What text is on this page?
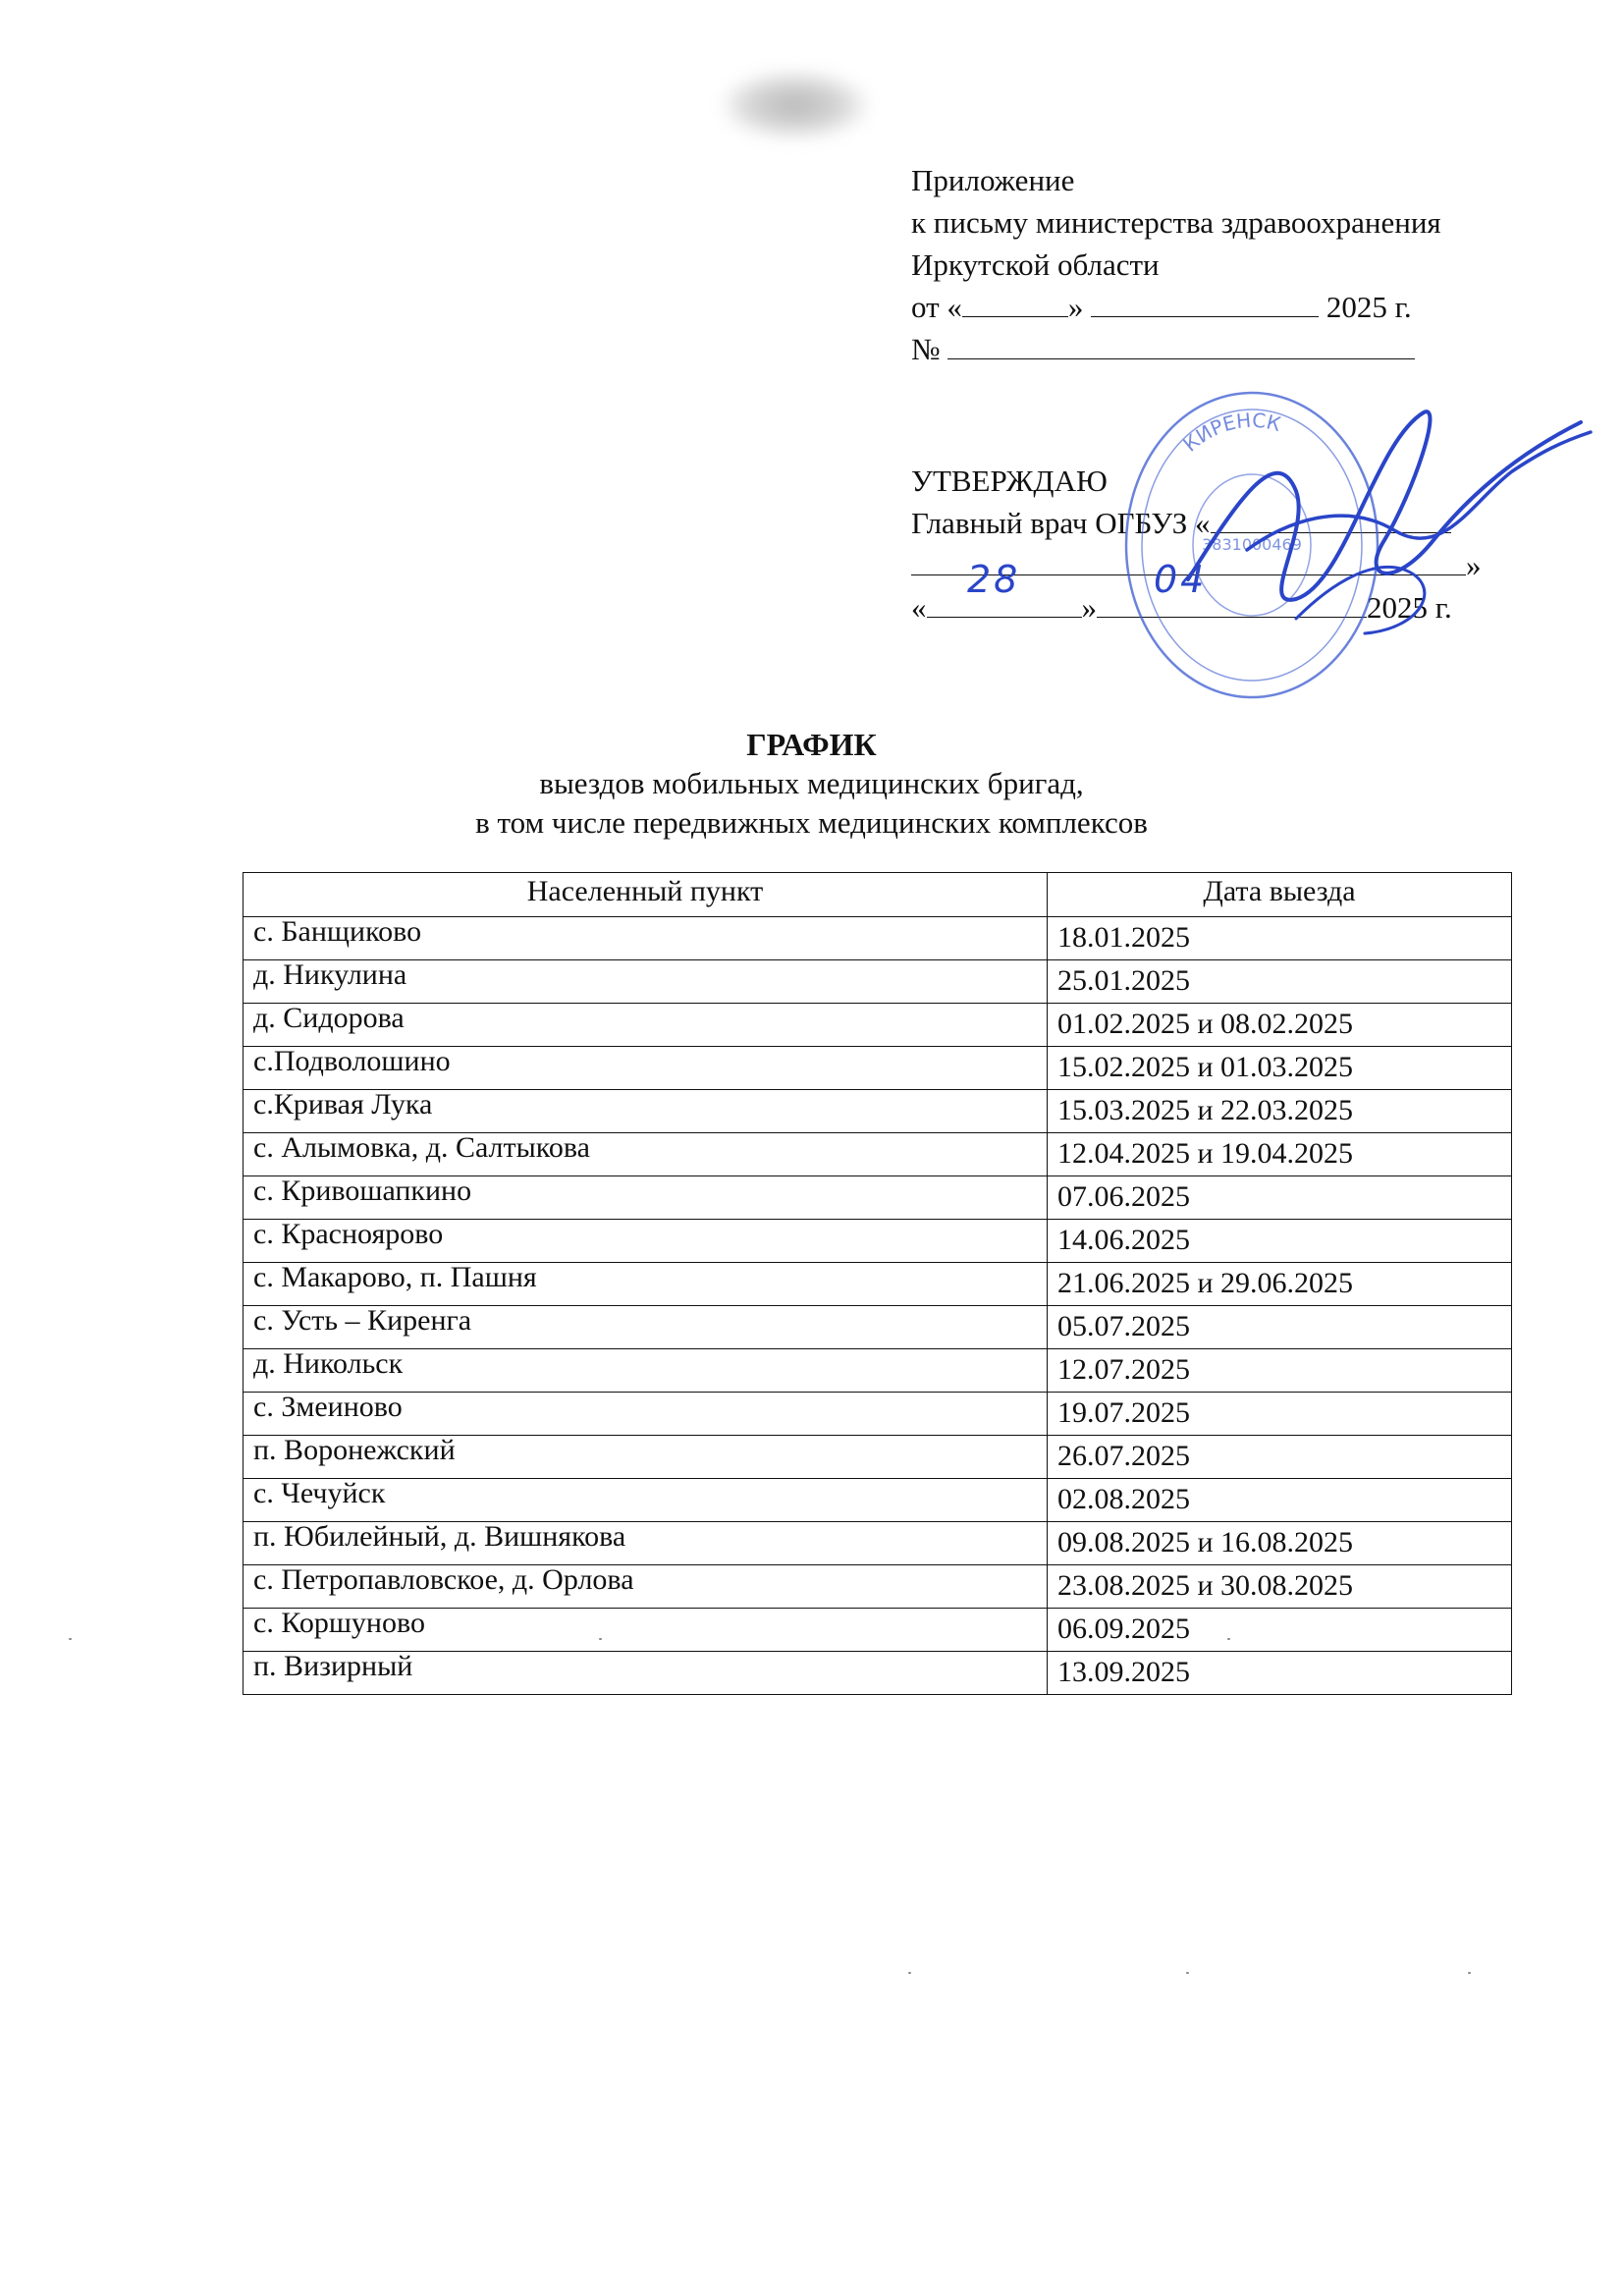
Приложение
к письму министерства здравоохранения
Иркутской области
от «	»	2025 г.
№
УТВЕРЖДАЮ
Главный врач ОГБУЗ «
»
«	»	2025 г.
28	04
КИРЕНСК
3831000469
ГРАФИК
выездов мобильных медицинских бригад,
в том числе передвижных медицинских комплексов
Населенный пункт	Дата выезда
с. Банщиково	18.01.2025
д. Никулина	25.01.2025
д. Сидорова	01.02.2025 и 08.02.2025
с.Подволошино	15.02.2025 и 01.03.2025
с.Кривая Лука	15.03.2025 и 22.03.2025
с. Алымовка, д. Салтыкова	12.04.2025 и 19.04.2025
с. Кривошапкино	07.06.2025
с. Красноярово	14.06.2025
с. Макарово, п. Пашня	21.06.2025 и 29.06.2025
с. Усть – Киренга	05.07.2025
д. Никольск	12.07.2025
с. Змеиново	19.07.2025
п. Воронежский	26.07.2025
с. Чечуйск	02.08.2025
п. Юбилейный, д. Вишнякова	09.08.2025 и 16.08.2025
с. Петропавловское, д. Орлова	23.08.2025 и 30.08.2025
с. Коршуново	06.09.2025
п. Визирный	13.09.2025
